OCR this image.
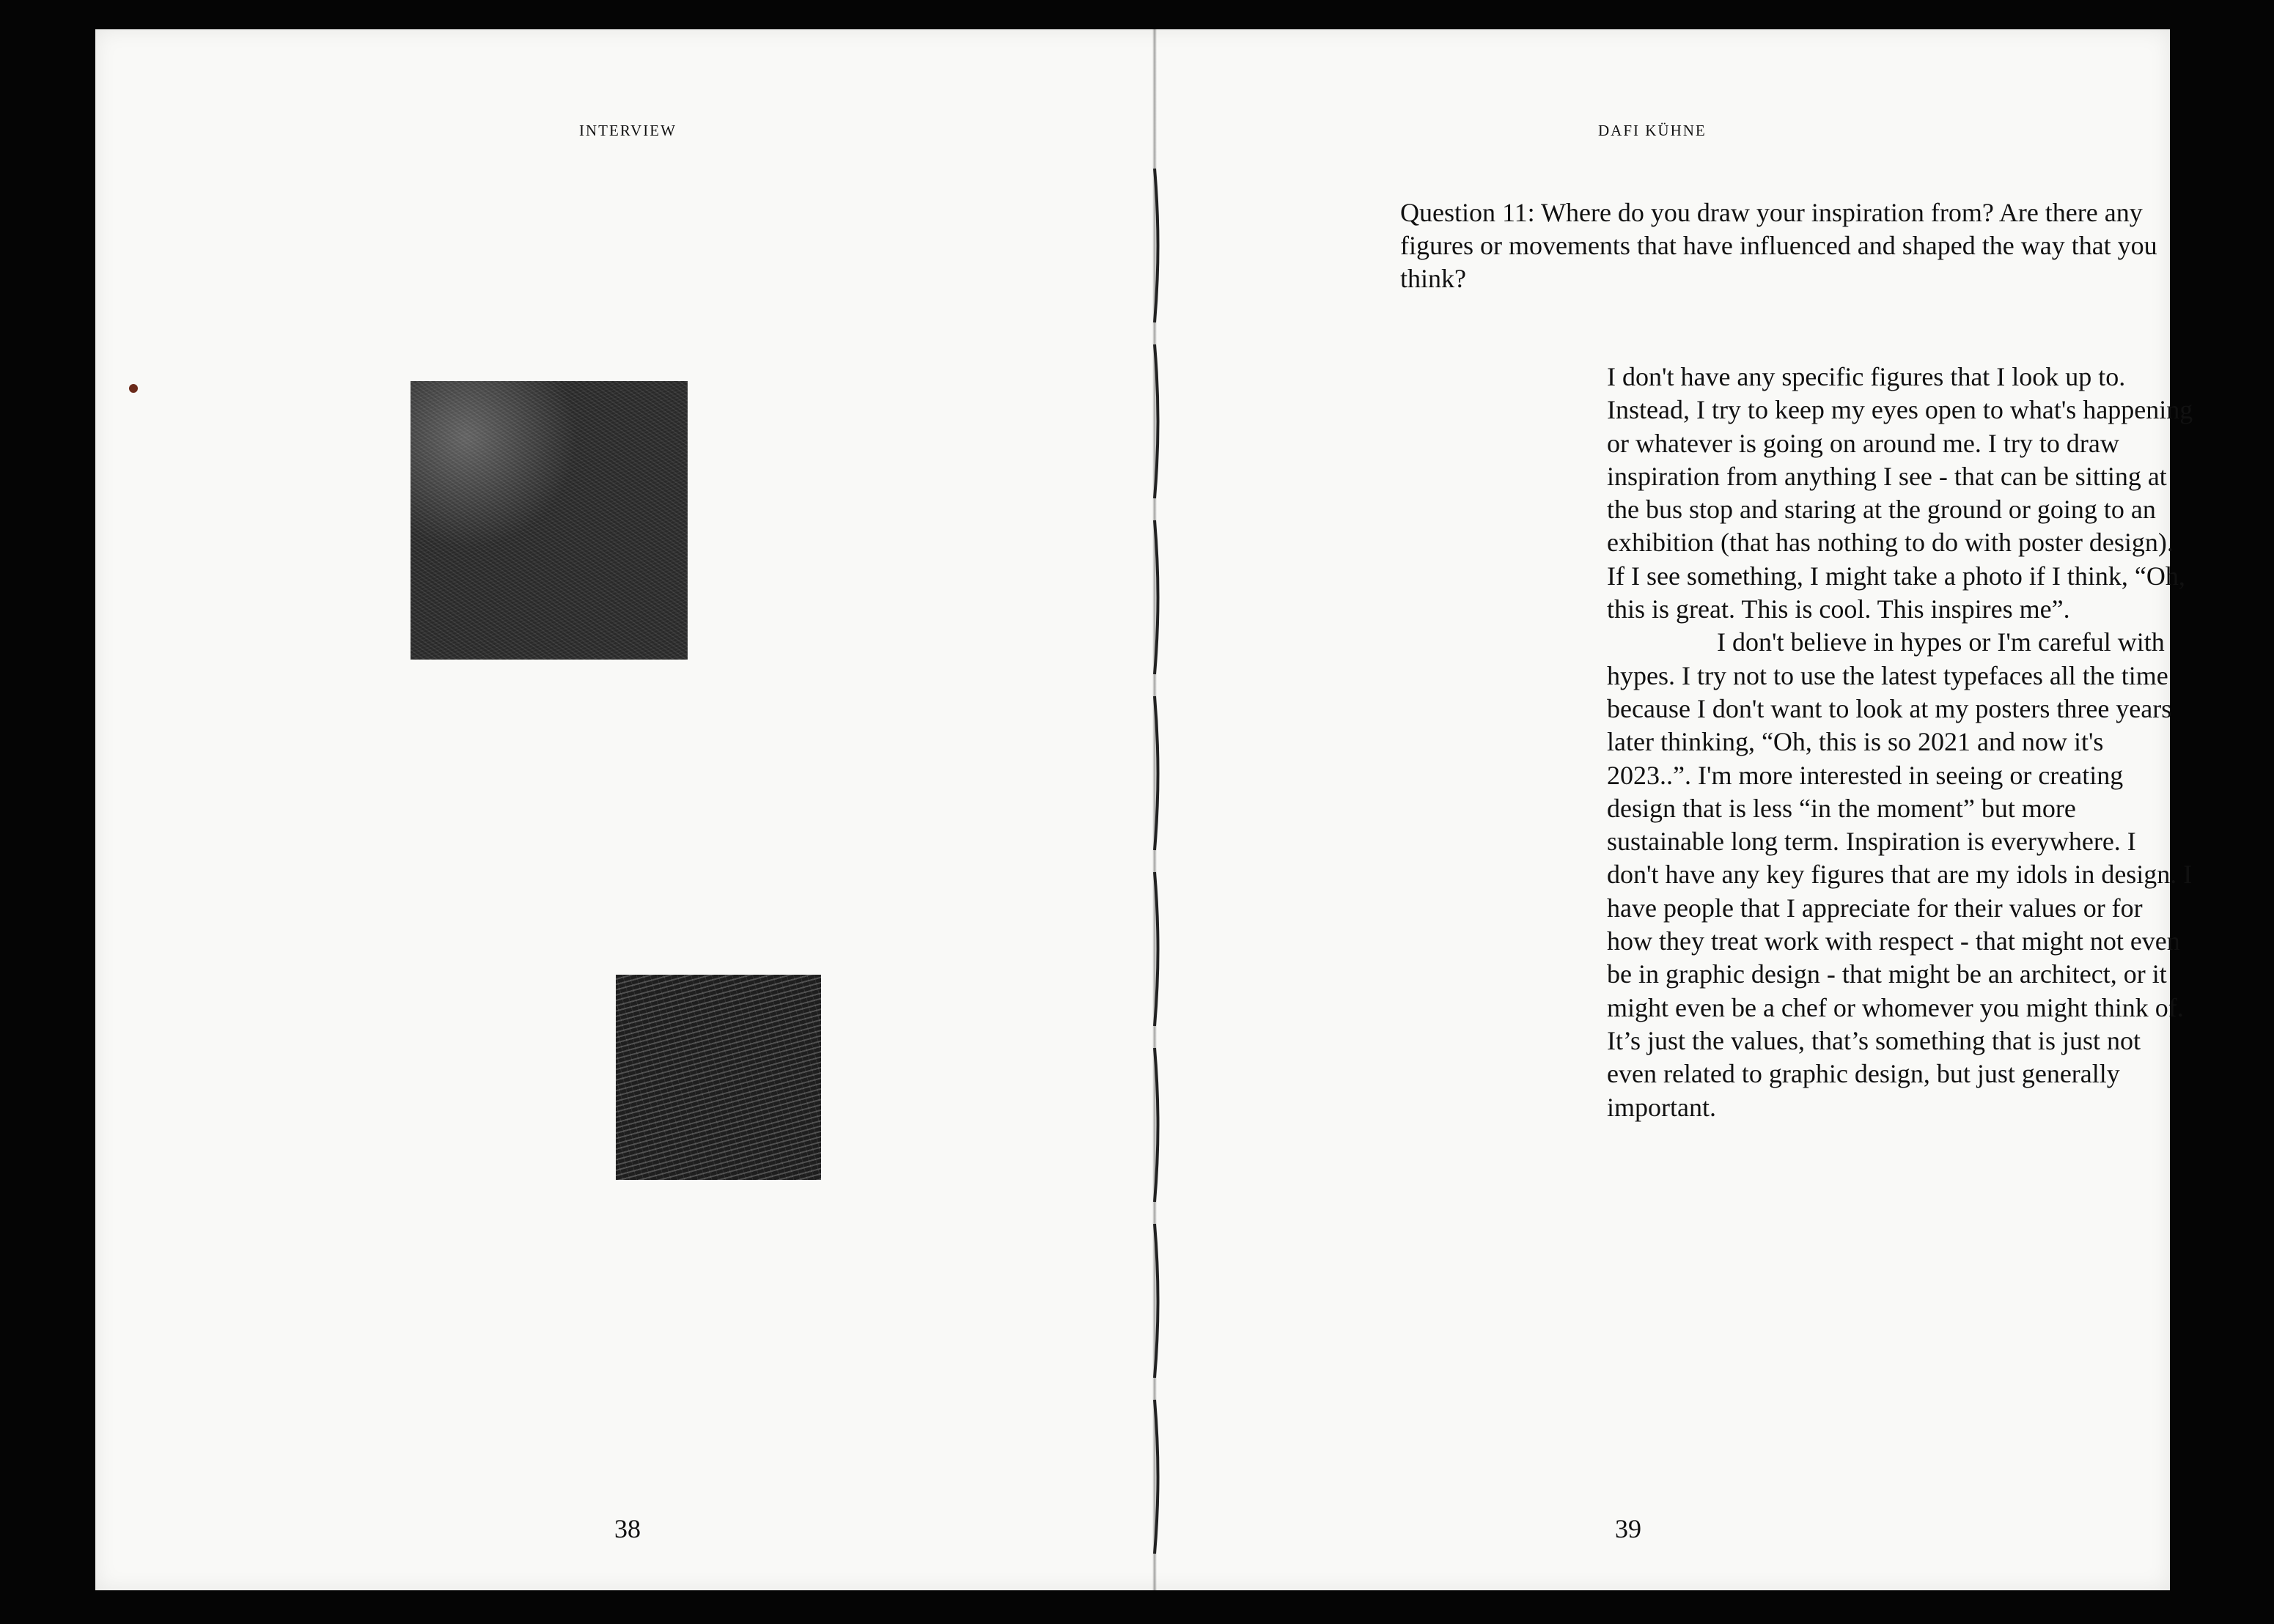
INTERVIEW
38
DAFI KÜHNE

Question 11: Where do you draw your inspiration from? Are there any figures or movements that have influenced and shaped the way that you think?

I don't have any specific figures that I look up to. Instead, I try to keep my eyes open to what's happening or whatever is going on around me. I try to draw inspiration from anything I see - that can be sitting at the bus stop and staring at the ground or going to an exhibition (that has nothing to do with poster design). If I see something, I might take a photo if I think, “Oh, this is great. This is cool. This inspires me”.

I don't believe in hypes or I'm careful with hypes. I try not to use the latest typefaces all the time because I don't want to look at my posters three years later thinking, “Oh, this is so 2021 and now it's 2023..”. I'm more interested in seeing or creating design that is less “in the moment” but more sustainable long term. Inspiration is everywhere. I don't have any key figures that are my idols in design. I have people that I appreciate for their values or for how they treat work with respect - that might not even be in graphic design - that might be an architect, or it might even be a chef or whomever you might think of. It’s just the values, that’s something that is just not even related to graphic design, but just generally important.

39
